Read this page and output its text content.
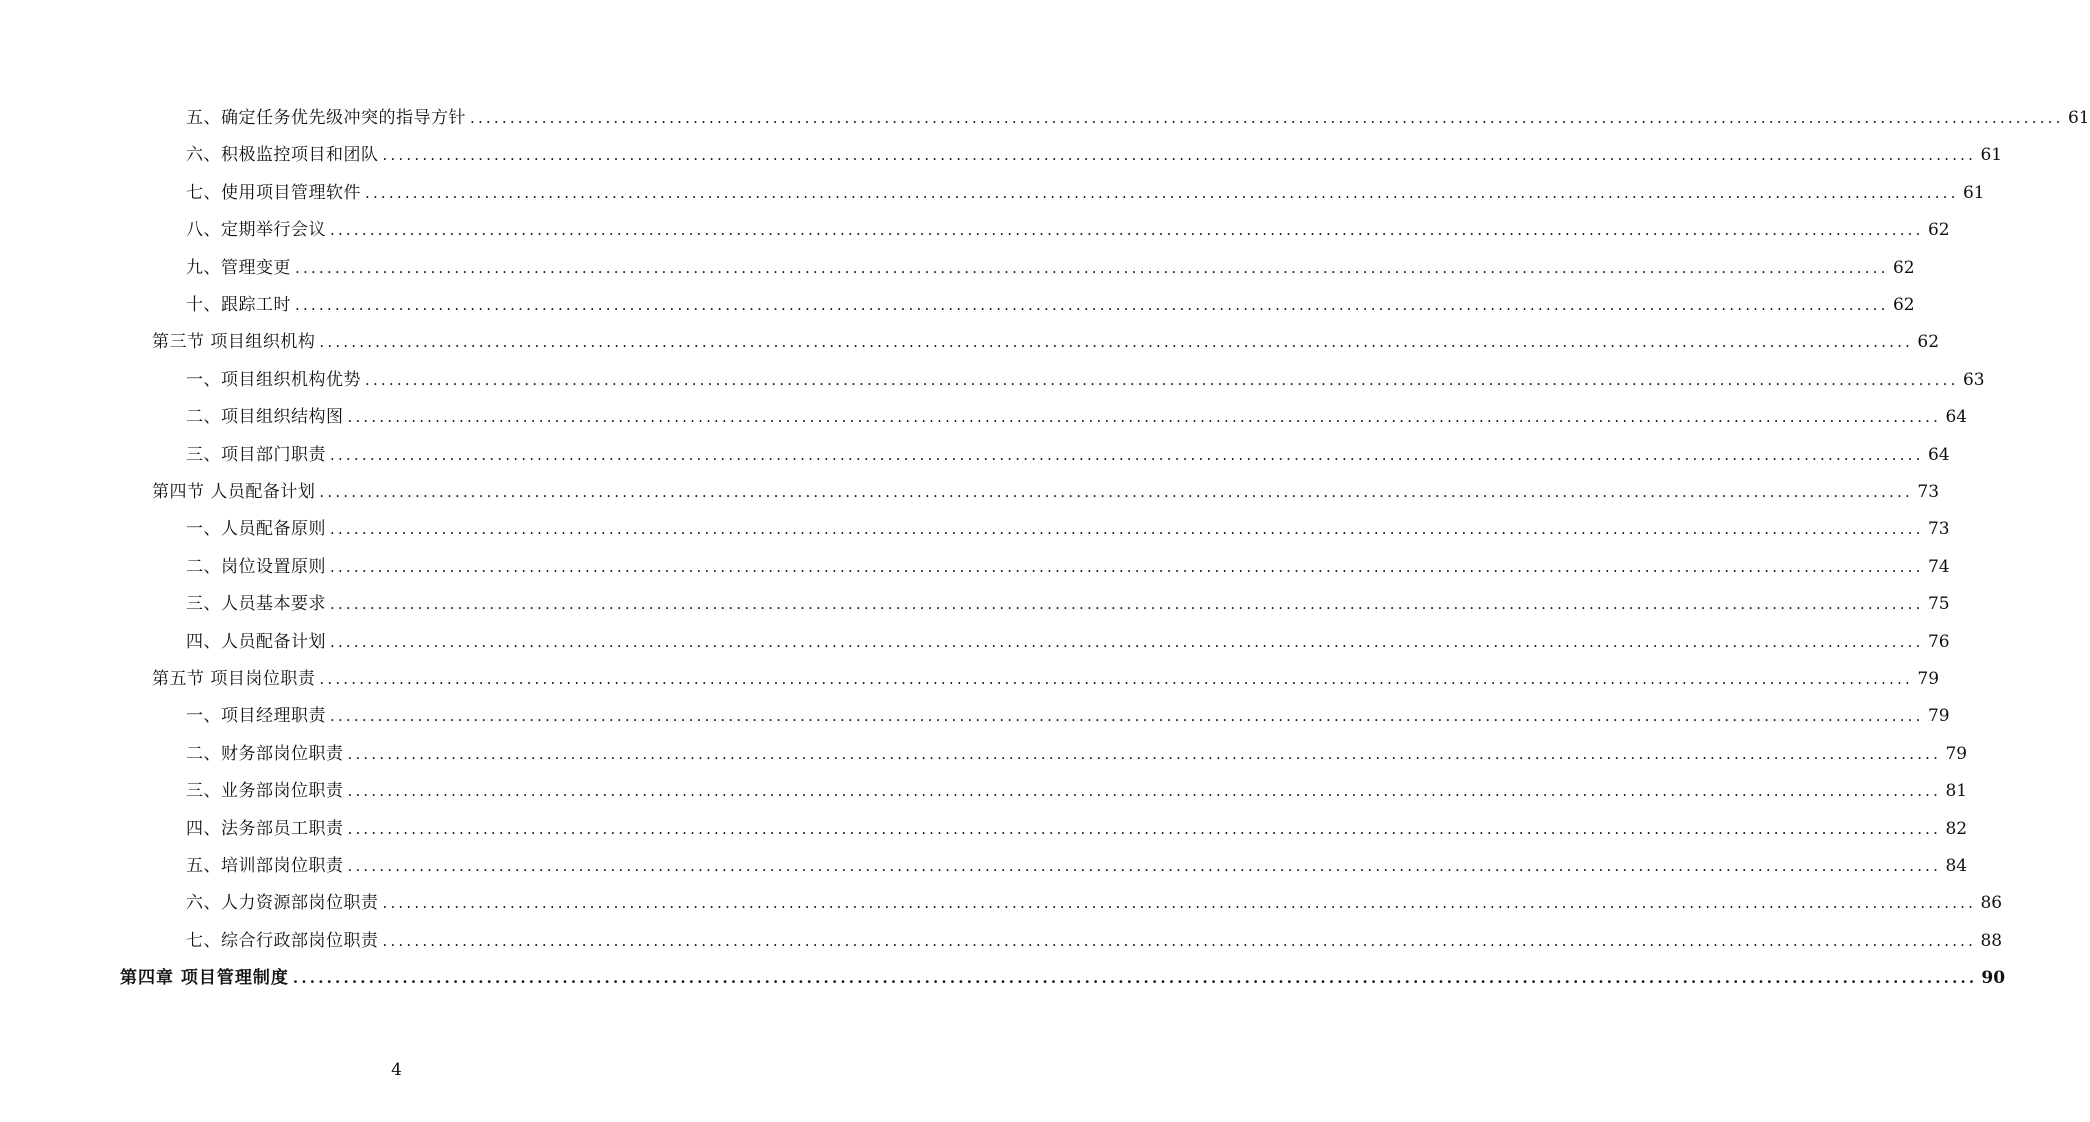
五、确定任务优先级冲突的指导方针 ........................................................................................................................................................................................................ 61
六、积极监控项目和团队 ........................................................................................................................................................................................................ 61
七、使用项目管理软件 ........................................................................................................................................................................................................ 61
八、定期举行会议 ........................................................................................................................................................................................................ 62
九、管理变更 ........................................................................................................................................................................................................ 62
十、跟踪工时 ........................................................................................................................................................................................................ 62
第三节 项目组织机构 ........................................................................................................................................................................................................ 62
一、项目组织机构优势 ........................................................................................................................................................................................................ 63
二、项目组织结构图 ........................................................................................................................................................................................................ 64
三、项目部门职责 ........................................................................................................................................................................................................ 64
第四节 人员配备计划 ........................................................................................................................................................................................................ 73
一、人员配备原则 ........................................................................................................................................................................................................ 73
二、岗位设置原则 ........................................................................................................................................................................................................ 74
三、人员基本要求 ........................................................................................................................................................................................................ 75
四、人员配备计划 ........................................................................................................................................................................................................ 76
第五节 项目岗位职责 ........................................................................................................................................................................................................ 79
一、项目经理职责 ........................................................................................................................................................................................................ 79
二、财务部岗位职责 ........................................................................................................................................................................................................ 79
三、业务部岗位职责 ........................................................................................................................................................................................................ 81
四、法务部员工职责 ........................................................................................................................................................................................................ 82
五、培训部岗位职责 ........................................................................................................................................................................................................ 84
六、人力资源部岗位职责 ........................................................................................................................................................................................................ 86
七、综合行政部岗位职责 ........................................................................................................................................................................................................ 88
第四章 项目管理制度 ........................................................................................................................................................................................................ 90
4
